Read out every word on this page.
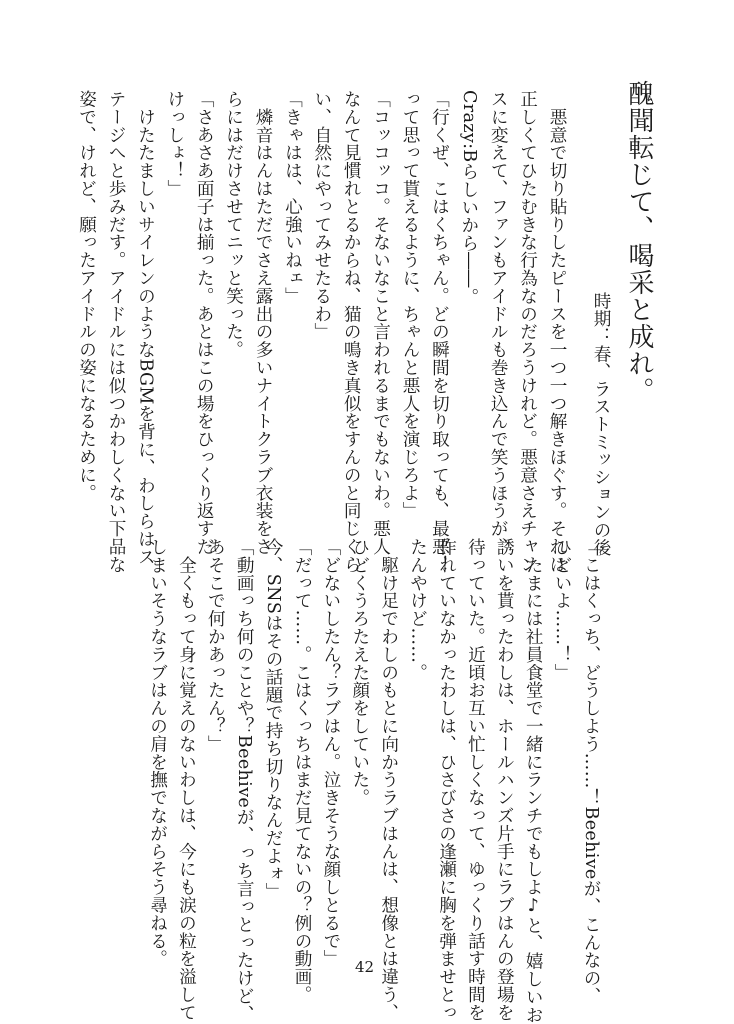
醜聞転じて、喝采と成れ。
時期：春、ラストミッションの後
　悪意で切り貼りしたピースを一つ一つ解きほぐす。それは
正しくてひたむきな行為なのだろうけれど。悪意さえチャン
スに変えて、ファンもアイドルも巻き込んで笑うほうが、
Crazy:Bらしいから――。
「行くぜ、こはくちゃん。どの瞬間を切り取っても、最悪！
って思って貰えるように、ちゃんと悪人を演じろよ」
「コッコッコ。そないなこと言われるまでもないわ。悪人
なんて見慣れとるからね、猫の鳴き真似をすんのと同じくら
い、自然にやってみせたるわ」
「きゃはは、心強いねェ」
　燐音はんはただでさえ露出の多いナイトクラブ衣装をさ
らにはだけさせてニッと笑った。
「さあさあ面子は揃った。あとはこの場をひっくり返すだ
けっしょ！」
　けたたましいサイレンのようなBGMを背に、わしらはス
テージへと歩みだす。アイドルには似つかわしくない下品な
姿で、けれど、願ったアイドルの姿になるために。
「こはくっち、どうしよう……！Beehiveが、こんなの、
ひどいよ……！」
　たまには社員食堂で一緒にランチでもしよ♪と、嬉しいお
誘いを貰ったわしは、ホールハンズ片手にラブはんの登場を
待っていた。近頃お互い忙しくなって、ゆっくり話す時間を
作れていなかったわしは、ひさびさの逢瀬に胸を弾ませとっ
たんやけど……。
　駆け足でわしのもとに向かうラブはんは、想像とは違う、
ひどくうろたえた顔をしていた。
「どないしたん？ラブはん。泣きそうな顔しとるで」
「だって……。こはくっちはまだ見てないの？例の動画。
今、SNSはその話題で持ち切りなんだよォ」
「動画っち何のことや？Beehiveが、っち言っとったけど、
あそこで何かあったん？」
　全くもって身に覚えのないわしは、今にも涙の粒を溢して
しまいそうなラブはんの肩を撫でながらそう尋ねる。	42
